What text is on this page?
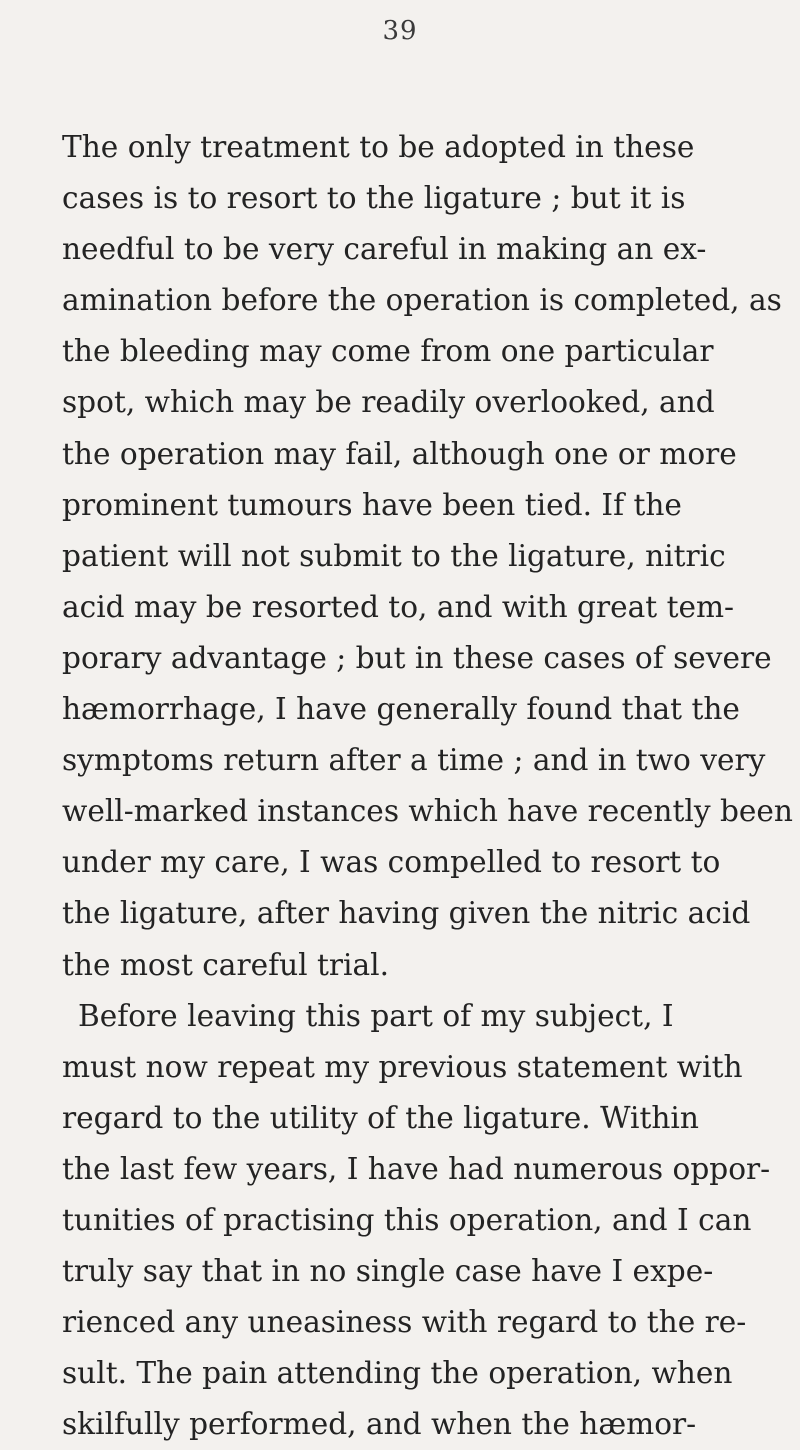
39
The only treatment to be adopted in these
cases is to resort to the ligature ; but it is
needful to be very careful in making an ex-
amination before the operation is completed, as
the bleeding may come from one particular
spot, which may be readily overlooked, and
the operation may fail, although one or more
prominent tumours have been tied. If the
patient will not submit to the ligature, nitric
acid may be resorted to, and with great tem-
porary advantage ; but in these cases of severe
hæmorrhage, I have generally found that the
symptoms return after a time ; and in two very
well-marked instances which have recently been
under my care, I was compelled to resort to
the ligature, after having given the nitric acid
the most careful trial.
Before leaving this part of my subject, I
must now repeat my previous statement with
regard to the utility of the ligature. Within
the last few years, I have had numerous oppor-
tunities of practising this operation, and I can
truly say that in no single case have I expe-
rienced any uneasiness with regard to the re-
sult. The pain attending the operation, when
skilfully performed, and when the hæmor-
